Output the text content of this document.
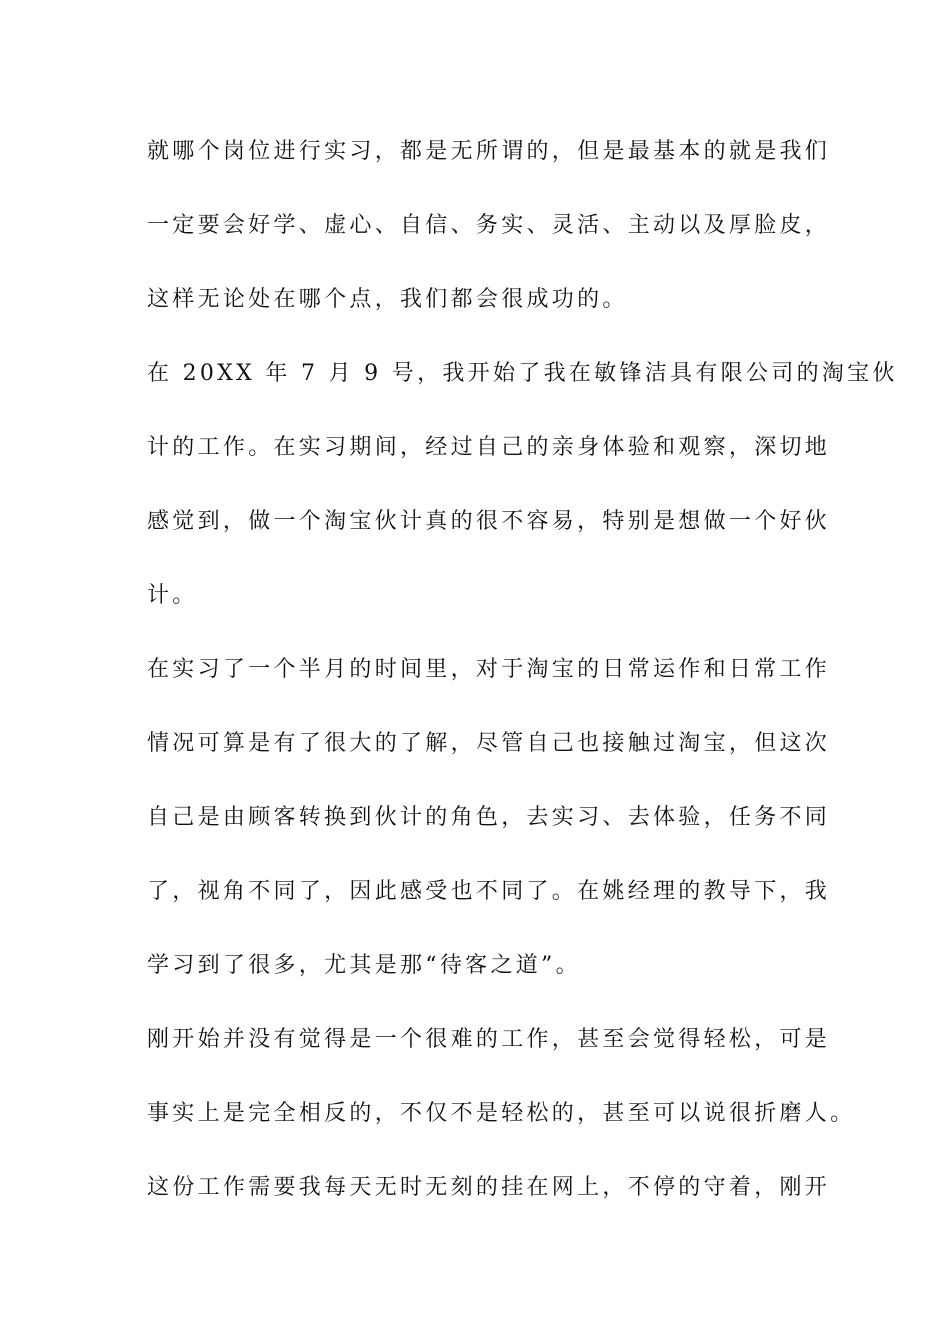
就哪个岗位进行实习，都是无所谓的，但是最基本的就是我们
一定要会好学、虚心、自信、务实、灵活、主动以及厚脸皮，
这样无论处在哪个点，我们都会很成功的。
在 20XX 年 7 月 9 号，我开始了我在敏锋洁具有限公司的淘宝伙
计的工作。在实习期间，经过自己的亲身体验和观察，深切地
感觉到，做一个淘宝伙计真的很不容易，特别是想做一个好伙
计。
在实习了一个半月的时间里，对于淘宝的日常运作和日常工作
情况可算是有了很大的了解，尽管自己也接触过淘宝，但这次
自己是由顾客转换到伙计的角色，去实习、去体验，任务不同
了，视角不同了，因此感受也不同了。在姚经理的教导下，我
学习到了很多，尤其是那“待客之道”。
刚开始并没有觉得是一个很难的工作，甚至会觉得轻松，可是
事实上是完全相反的，不仅不是轻松的，甚至可以说很折磨人。
这份工作需要我每天无时无刻的挂在网上，不停的守着，刚开
